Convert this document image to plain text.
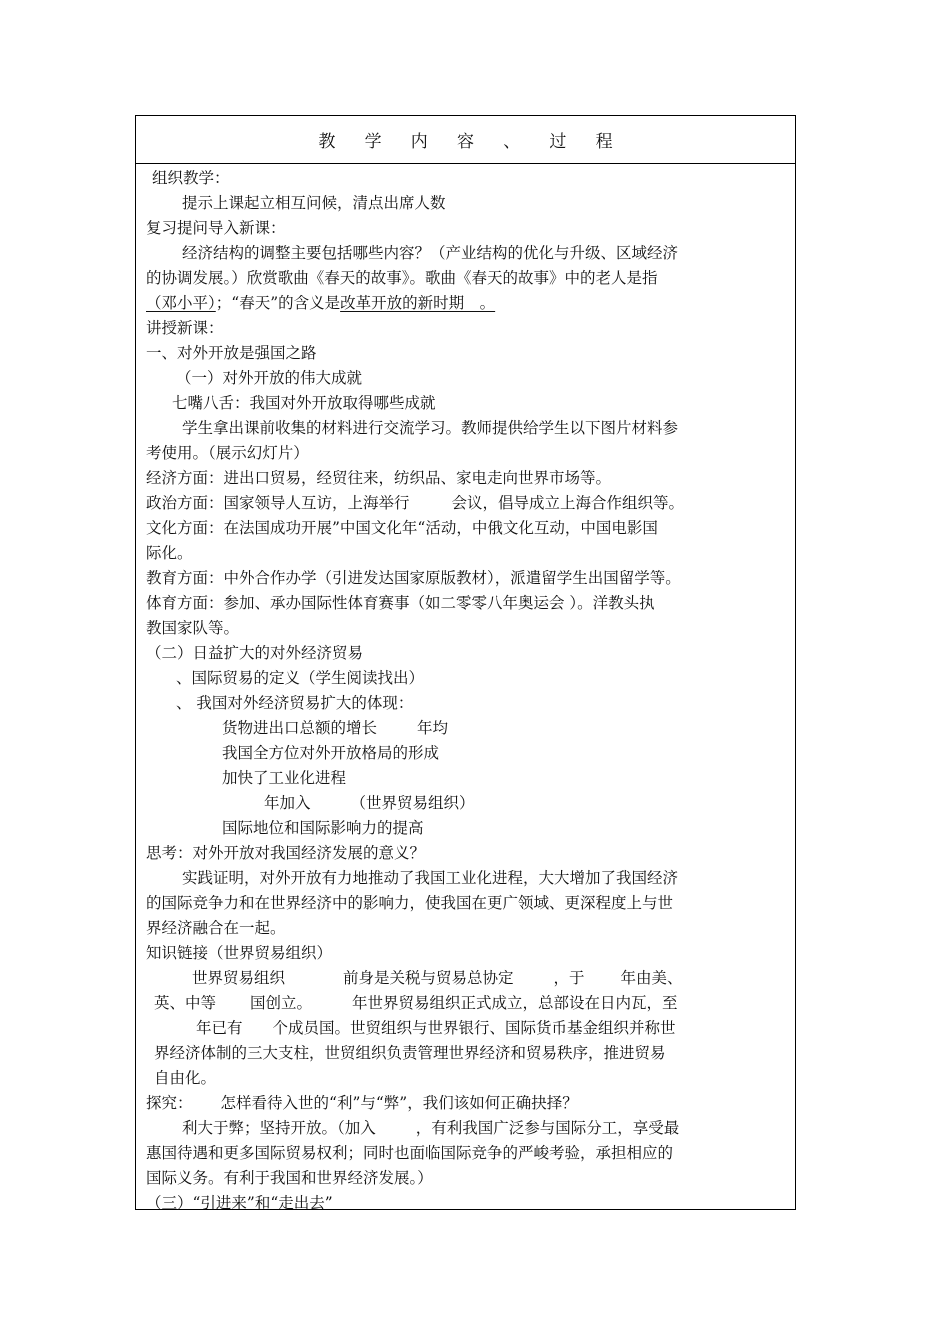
教 学 内 容 、 过 程
组织教学：
提示上课起立相互问候，清点出席人数
复习提问导入新课：
经济结构的调整主要包括哪些内容？（产业结构的优化与升级、区域经济
的协调发展。）欣赏歌曲《春天的故事》。歌曲《春天的故事》中的老人是指
（邓小平）；“春天”的含义是改革开放的新时期　。
讲授新课：
一、对外开放是强国之路
（一）对外开放的伟大成就
七嘴八舌：我国对外开放取得哪些成就
学生拿出课前收集的材料进行交流学习。教师提供给学生以下图片材料参
考使用。（展示幻灯片）
经济方面：进出口贸易，经贸往来，纺织品、家电走向世界市场等。
政治方面：国家领导人互访，上海举行	会议，倡导成立上海合作组织等。
文化方面：在法国成功开展”中国文化年“活动，中俄文化互动，中国电影国
际化。
教育方面：中外合作办学（引进发达国家原版教材），派遣留学生出国留学等。
体育方面：参加、承办国际性体育赛事（如二零零八年奥运会 ）。洋教头执
教国家队等。
（二）日益扩大的对外经济贸易
、国际贸易的定义（学生阅读找出）
、 我国对外经济贸易扩大的体现：
货物进出口总额的增长	年均
我国全方位对外开放格局的形成
加快了工业化进程
年加入	（世界贸易组织）
国际地位和国际影响力的提高
思考：对外开放对我国经济发展的意义？
实践证明，对外开放有力地推动了我国工业化进程，大大增加了我国经济
的国际竞争力和在世界经济中的影响力，使我国在更广领域、更深程度上与世
界经济融合在一起。
知识链接（世界贸易组织）
世界贸易组织	前身是关税与贸易总协定	，于 年由美、
英、中等 国创立。	年世界贸易组织正式成立，总部设在日内瓦，至
年已有 个成员国。世贸组织与世界银行、国际货币基金组织并称世
界经济体制的三大支柱，世贸组织负责管理世界经济和贸易秩序，推进贸易
自由化。
探究： 怎样看待入世的“利”与“弊”，我们该如何正确抉择？
利大于弊；坚持开放。（加入	，有利我国广泛参与国际分工，享受最
惠国待遇和更多国际贸易权利；同时也面临国际竞争的严峻考验，承担相应的
国际义务。有利于我国和世界经济发展。）
（三）“引进来”和“走出去”
